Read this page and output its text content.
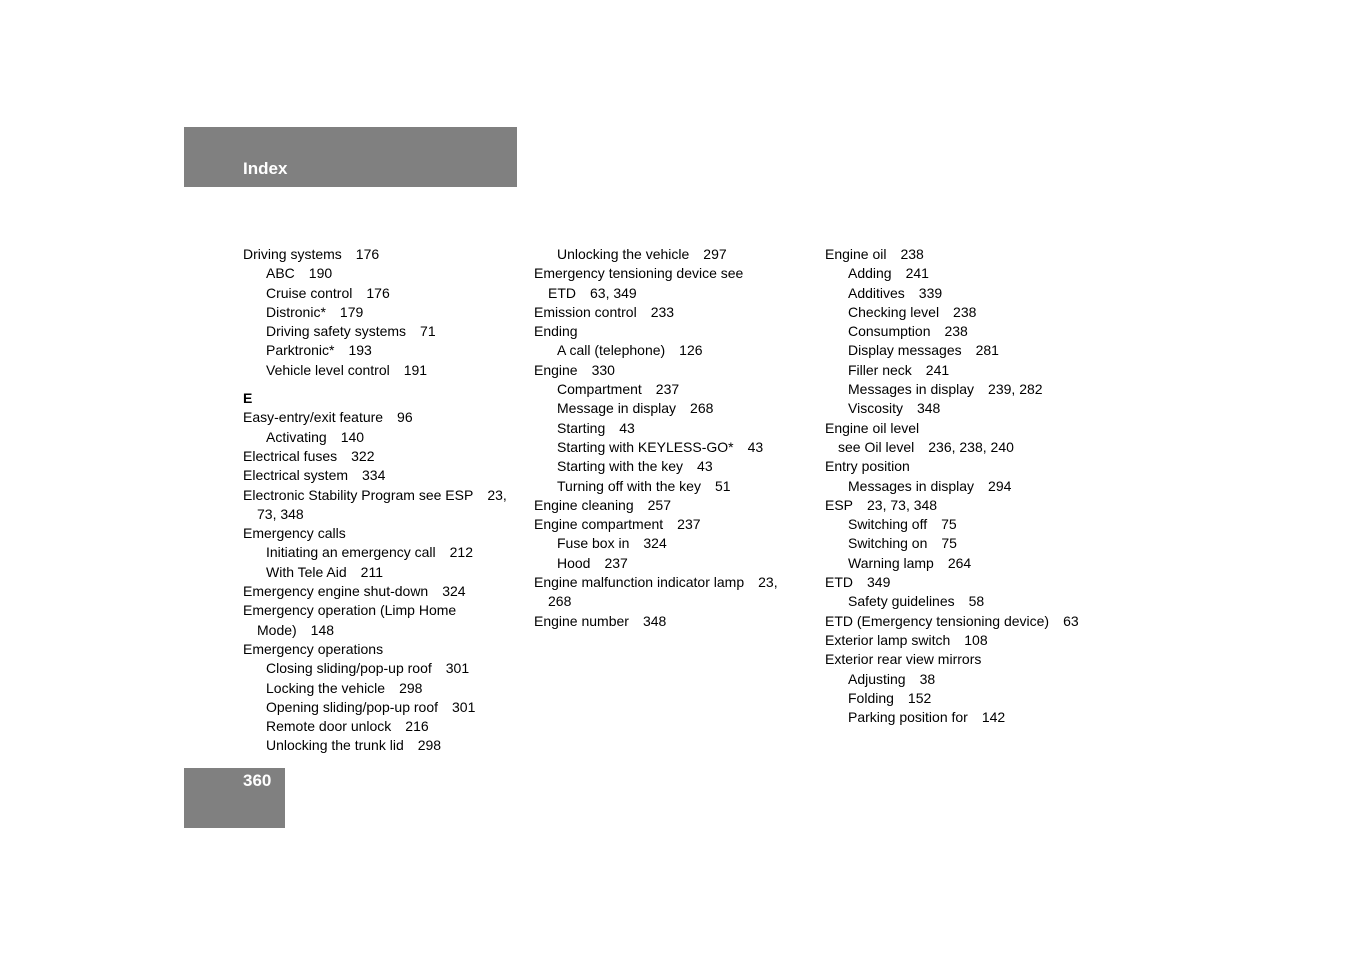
Index
Driving systems 176
ABC 190
Cruise control 176
Distronic* 179
Driving safety systems 71
Parktronic* 193
Vehicle level control 191
E
Easy-entry/exit feature 96
Activating 140
Electrical fuses 322
Electrical system 334
Electronic Stability Program see ESP 23,
73, 348
Emergency calls
Initiating an emergency call 212
With Tele Aid 211
Emergency engine shut-down 324
Emergency operation (Limp Home
Mode) 148
Emergency operations
Closing sliding/pop-up roof 301
Locking the vehicle 298
Opening sliding/pop-up roof 301
Remote door unlock 216
Unlocking the trunk lid 298
Unlocking the vehicle 297
Emergency tensioning device see
ETD 63, 349
Emission control 233
Ending
A call (telephone) 126
Engine 330
Compartment 237
Message in display 268
Starting 43
Starting with KEYLESS-GO* 43
Starting with the key 43
Turning off with the key 51
Engine cleaning 257
Engine compartment 237
Fuse box in 324
Hood 237
Engine malfunction indicator lamp 23,
268
Engine number 348
Engine oil 238
Adding 241
Additives 339
Checking level 238
Consumption 238
Display messages 281
Filler neck 241
Messages in display 239, 282
Viscosity 348
Engine oil level
see Oil level 236, 238, 240
Entry position
Messages in display 294
ESP 23, 73, 348
Switching off 75
Switching on 75
Warning lamp 264
ETD 349
Safety guidelines 58
ETD (Emergency tensioning device) 63
Exterior lamp switch 108
Exterior rear view mirrors
Adjusting 38
Folding 152
Parking position for 142
360
